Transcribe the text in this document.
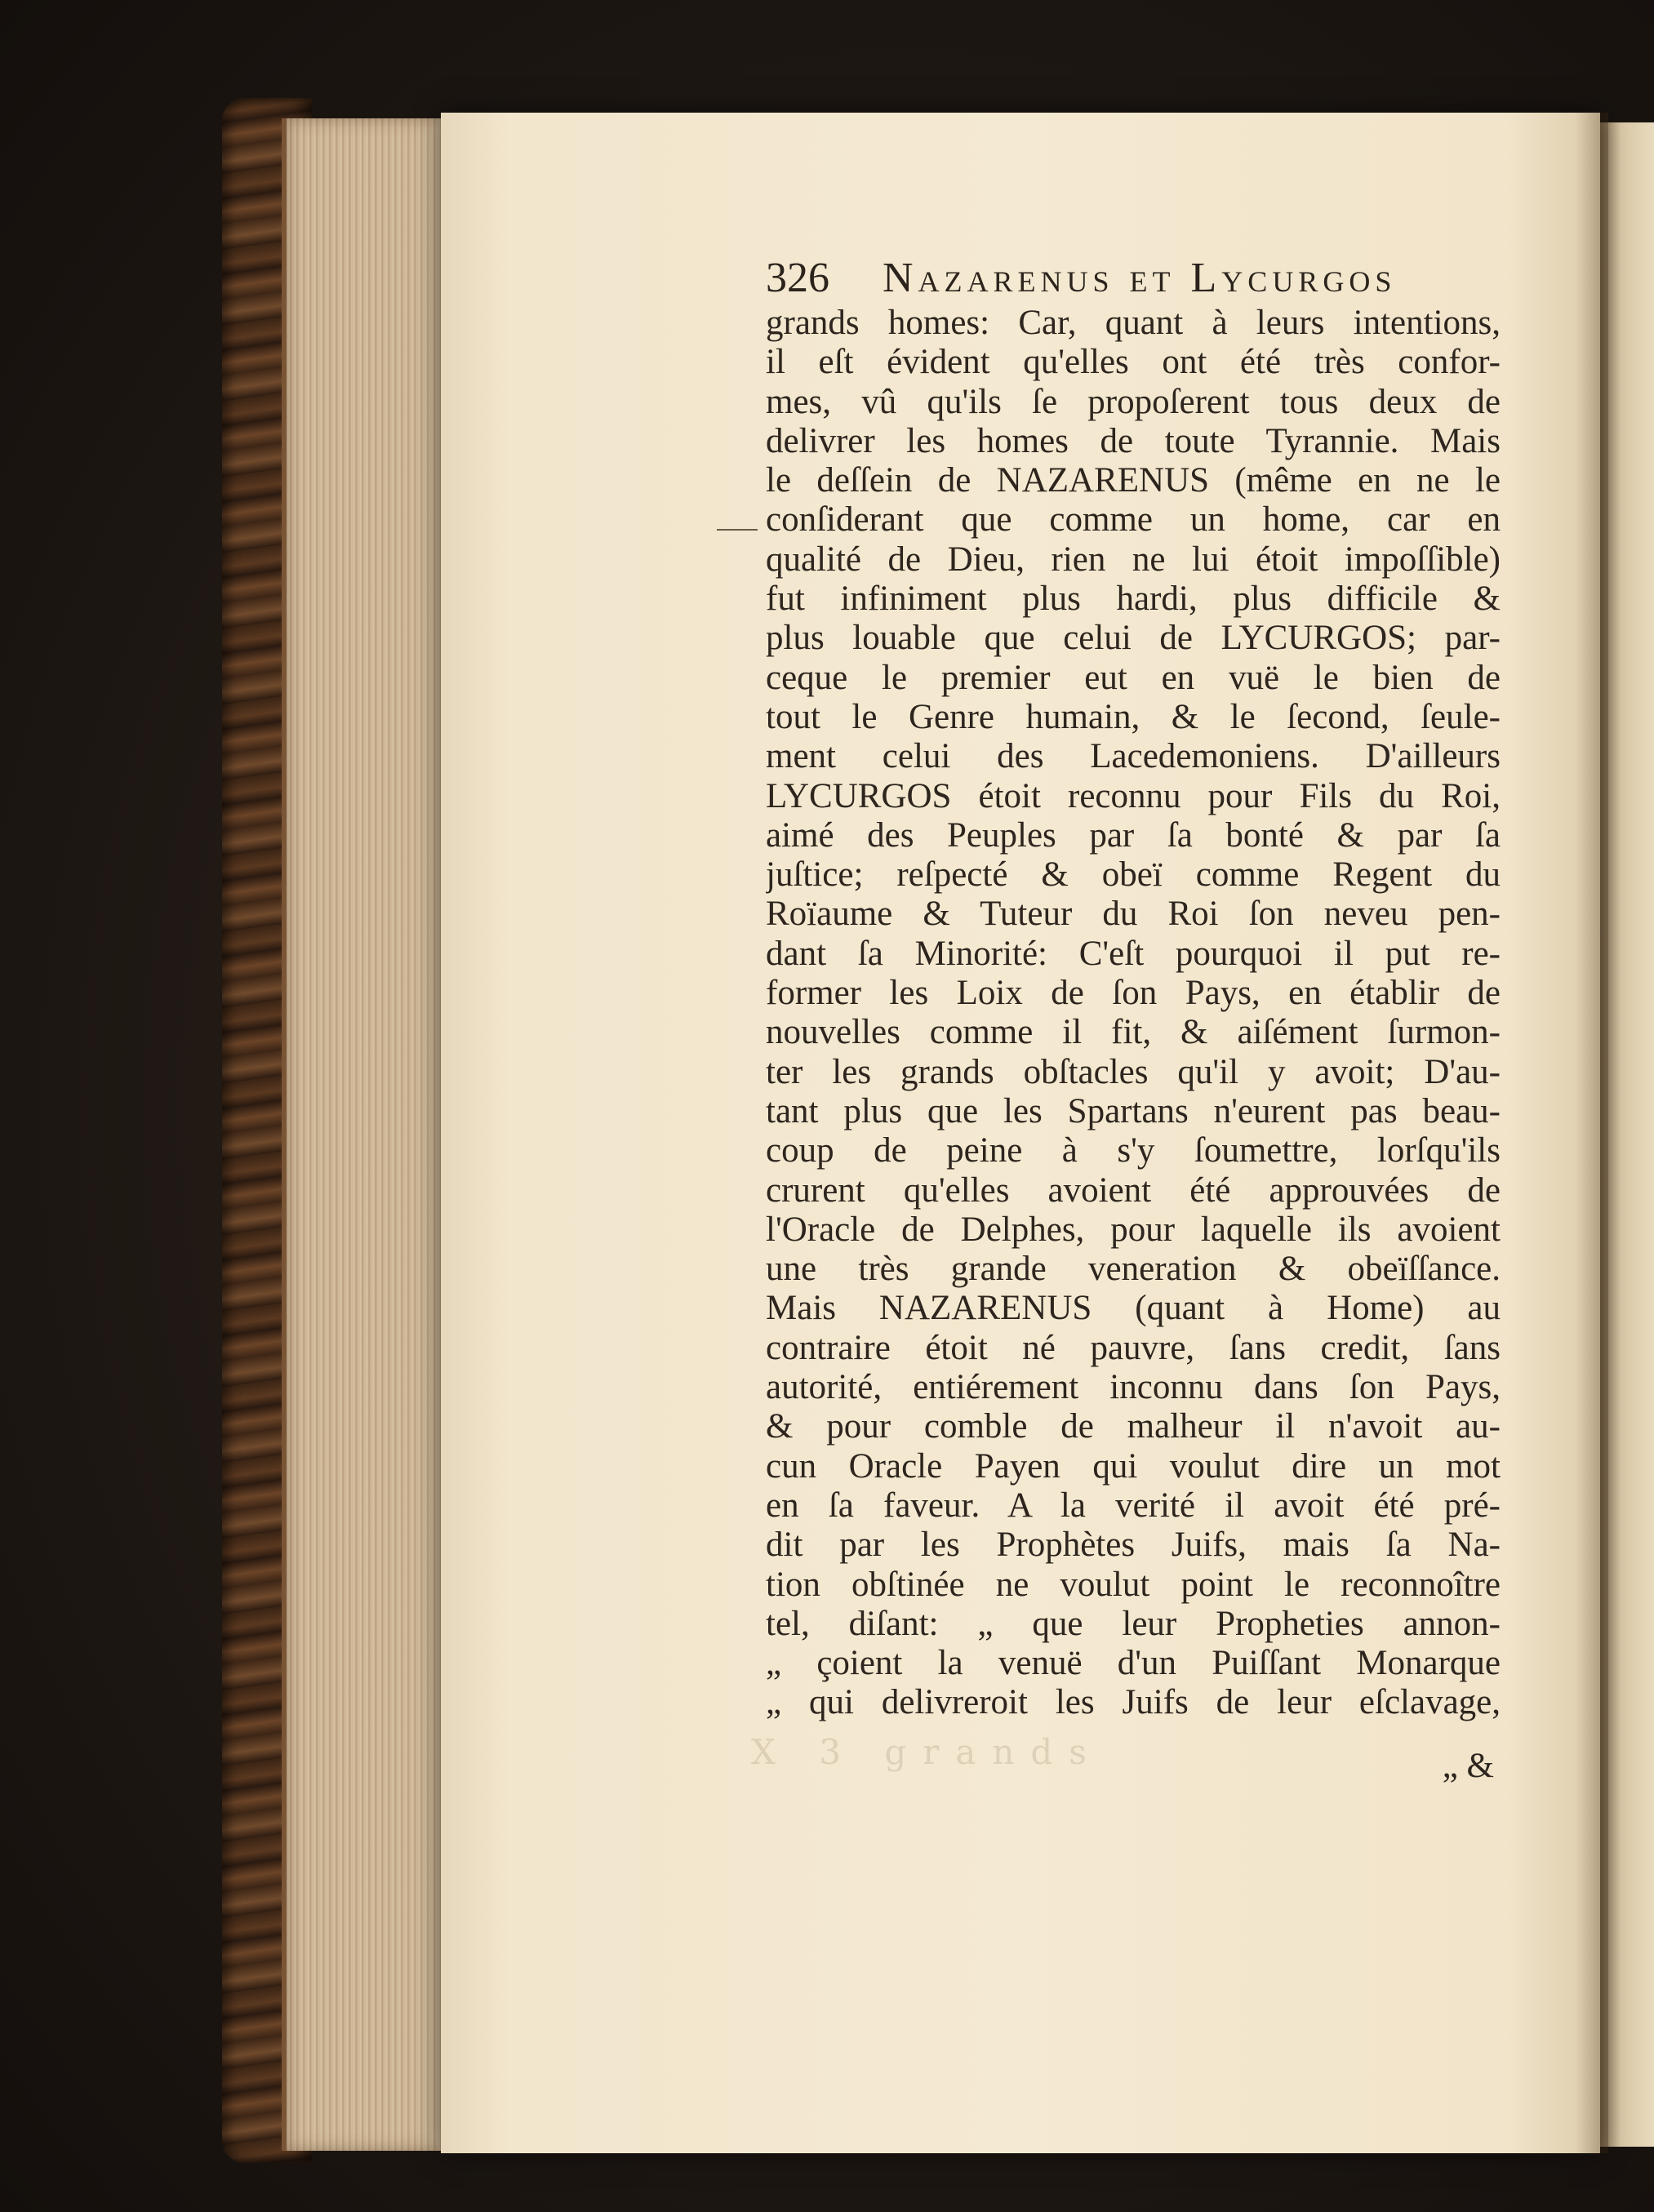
X 3 grands
326 Nazarenus et Lycurgos
grands homes: Car, quant à leurs intentions,
il eſt évident qu'elles ont été très confor-
mes, vû qu'ils ſe propoſerent tous deux de
delivrer les homes de toute Tyrannie. Mais
le deſſein de NAZARENUS (même en ne le
conſiderant que comme un home, car en
qualité de Dieu, rien ne lui étoit impoſſible)
fut infiniment plus hardi, plus difficile &
plus louable que celui de LYCURGOS; par-
ceque le premier eut en vuë le bien de
tout le Genre humain, & le ſecond, ſeule-
ment celui des Lacedemoniens. D'ailleurs
LYCURGOS étoit reconnu pour Fils du Roi,
aimé des Peuples par ſa bonté & par ſa
juſtice; reſpecté & obeï comme Regent du
Roïaume & Tuteur du Roi ſon neveu pen-
dant ſa Minorité: C'eſt pourquoi il put re-
former les Loix de ſon Pays, en établir de
nouvelles comme il fit, & aiſément ſurmon-
ter les grands obſtacles qu'il y avoit; D'au-
tant plus que les Spartans n'eurent pas beau-
coup de peine à s'y ſoumettre, lorſqu'ils
crurent qu'elles avoient été approuvées de
l'Oracle de Delphes, pour laquelle ils avoient
une très grande veneration & obeïſſance.
Mais NAZARENUS (quant à Home) au
contraire étoit né pauvre, ſans credit, ſans
autorité, entiérement inconnu dans ſon Pays,
& pour comble de malheur il n'avoit au-
cun Oracle Payen qui voulut dire un mot
en ſa faveur. A la verité il avoit été pré-
dit par les Prophètes Juifs, mais ſa Na-
tion obſtinée ne voulut point le reconnoître
tel, diſant: „ que leur Propheties annon-
„ çoient la venuë d'un Puiſſant Monarque
„ qui delivreroit les Juifs de leur eſclavage,
„ &
